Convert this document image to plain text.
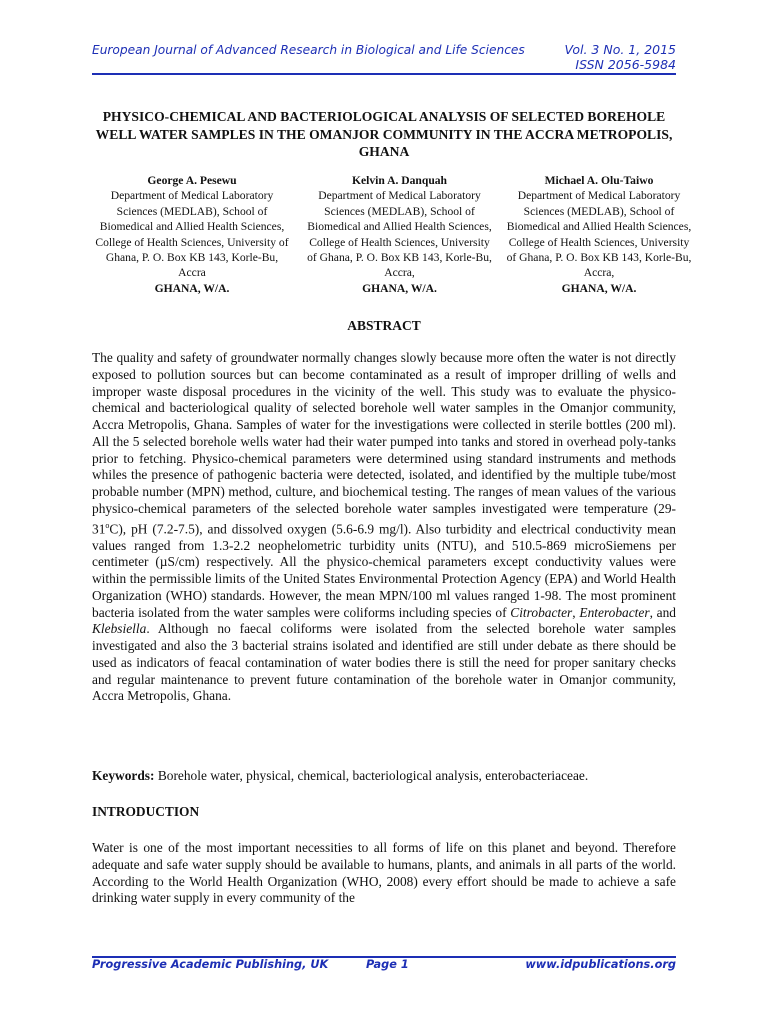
European Journal of Advanced Research in Biological and Life Sciences	Vol. 3 No. 1, 2015
ISSN 2056-5984
PHYSICO-CHEMICAL AND BACTERIOLOGICAL ANALYSIS OF SELECTED BOREHOLE WELL WATER SAMPLES IN THE OMANJOR COMMUNITY IN THE ACCRA METROPOLIS, GHANA
George A. Pesewu
Department of Medical Laboratory Sciences (MEDLAB), School of Biomedical and Allied Health Sciences, College of Health Sciences, University of Ghana, P. O. Box KB 143, Korle-Bu, Accra
GHANA, W/A.
Kelvin A. Danquah
Department of Medical Laboratory Sciences (MEDLAB), School of Biomedical and Allied Health Sciences, College of Health Sciences, University of Ghana, P. O. Box KB 143, Korle-Bu, Accra,
GHANA, W/A.
Michael A. Olu-Taiwo
Department of Medical Laboratory Sciences (MEDLAB), School of Biomedical and Allied Health Sciences, College of Health Sciences, University of Ghana, P. O. Box KB 143, Korle-Bu, Accra,
GHANA, W/A.
ABSTRACT
The quality and safety of groundwater normally changes slowly because more often the water is not directly exposed to pollution sources but can become contaminated as a result of improper drilling of wells and improper waste disposal procedures in the vicinity of the well. This study was to evaluate the physico-chemical and bacteriological quality of selected borehole well water samples in the Omanjor community, Accra Metropolis, Ghana. Samples of water for the investigations were collected in sterile bottles (200 ml). All the 5 selected borehole wells water had their water pumped into tanks and stored in overhead poly-tanks prior to fetching. Physico-chemical parameters were determined using standard instruments and methods whiles the presence of pathogenic bacteria were detected, isolated, and identified by the multiple tube/most probable number (MPN) method, culture, and biochemical testing. The ranges of mean values of the various physico-chemical parameters of the selected borehole water samples investigated were temperature (29-31$^o$C), pH (7.2-7.5), and dissolved oxygen (5.6-6.9 mg/l). Also turbidity and electrical conductivity mean values ranged from 1.3-2.2 neophelometric turbidity units (NTU), and 510.5-869 microSiemens per centimeter (µS/cm) respectively. All the physico-chemical parameters except conductivity values were within the permissible limits of the United States Environmental Protection Agency (EPA) and World Health Organization (WHO) standards. However, the mean MPN/100 ml values ranged 1-98. The most prominent bacteria isolated from the water samples were coliforms including species of Citrobacter, Enterobacter, and Klebsiella. Although no faecal coliforms were isolated from the selected borehole water samples investigated and also the 3 bacterial strains isolated and identified are still under debate as there should be used as indicators of feacal contamination of water bodies there is still the need for proper sanitary checks and regular maintenance to prevent future contamination of the borehole water in Omanjor community, Accra Metropolis, Ghana.
Keywords: Borehole water, physical, chemical, bacteriological analysis, enterobacteriaceae.
INTRODUCTION
Water is one of the most important necessities to all forms of life on this planet and beyond. Therefore adequate and safe water supply should be available to humans, plants, and animals in all parts of the world. According to the World Health Organization (WHO, 2008) every effort should be made to achieve a safe drinking water supply in every community of the
Progressive Academic Publishing, UK	Page 1	www.idpublications.org
